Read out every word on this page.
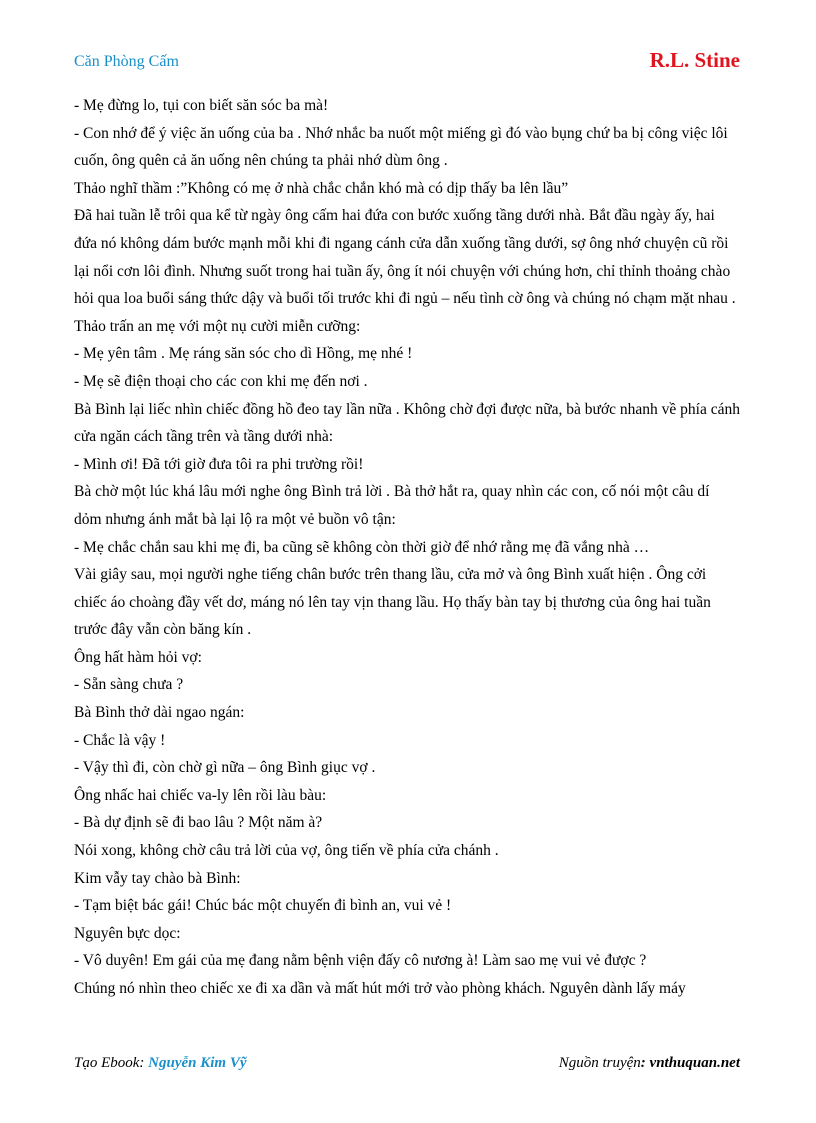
Căn Phòng Cấm	R.L. Stine

- Mẹ đừng lo, tụi con biết săn sóc ba mà!

- Con nhớ để ý việc ăn uống của ba . Nhớ nhắc ba nuốt một miếng gì đó vào bụng chứ ba bị công việc lôi cuốn, ông quên cả ăn uống nên chúng ta phải nhớ dùm ông .

Thảo nghĩ thầm :”Không có mẹ ở nhà chắc chắn khó mà có dịp thấy ba lên lầu”

Đã hai tuần lễ trôi qua kể từ ngày ông cấm hai đứa con bước xuống tầng dưới nhà. Bắt đầu ngày ấy, hai đứa nó không dám bước mạnh mỗi khi đi ngang cánh cửa dẫn xuống tầng dưới, sợ ông nhớ chuyện cũ rồi lại nổi cơn lôi đình. Nhưng suốt trong hai tuần ấy, ông ít nói chuyện với chúng hơn, chỉ thỉnh thoảng chào hỏi qua loa buổi sáng thức dậy và buổi tối trước khi đi ngủ – nếu tình cờ ông và chúng nó chạm mặt nhau .

Thảo trấn an mẹ với một nụ cười miễn cưỡng:

- Mẹ yên tâm . Mẹ ráng săn sóc cho dì Hồng, mẹ nhé !

- Mẹ sẽ điện thoại cho các con khi mẹ đến nơi .

Bà Bình lại liếc nhìn chiếc đồng hồ đeo tay lần nữa . Không chờ đợi được nữa, bà bước nhanh về phía cánh cửa ngăn cách tầng trên và tầng dưới nhà:

- Mình ơi! Đã tới giờ đưa tôi ra phi trường rồi!

Bà chờ một lúc khá lâu mới nghe ông Bình trả lời . Bà thở hắt ra, quay nhìn các con, cố nói một câu dí dỏm nhưng ánh mắt bà lại lộ ra một vẻ buồn vô tận:

- Mẹ chắc chắn sau khi mẹ đi, ba cũng sẽ không còn thời giờ để nhớ rằng mẹ đã vắng nhà …

Vài giây sau, mọi người nghe tiếng chân bước trên thang lầu, cửa mở và ông Bình xuất hiện . Ông cởi chiếc áo choàng đầy vết dơ, máng nó lên tay vịn thang lầu. Họ thấy bàn tay bị thương của ông hai tuần trước đây vẫn còn băng kín .

Ông hất hàm hỏi vợ:

- Sẵn sàng chưa ?

Bà Bình thở dài ngao ngán:

- Chắc là vậy !

- Vậy thì đi, còn chờ gì nữa – ông Bình giục vợ .

Ông nhấc hai chiếc va-ly lên rồi làu bàu:

- Bà dự định sẽ đi bao lâu ? Một năm à?

Nói xong, không chờ câu trả lời của vợ, ông tiến về phía cửa chánh .

Kim vẫy tay chào bà Bình:

- Tạm biệt bác gái! Chúc bác một chuyến đi bình an, vui vẻ !

Nguyên bực dọc:

- Vô duyên! Em gái của mẹ đang nằm bệnh viện đấy cô nương à! Làm sao mẹ vui vẻ được ?

Chúng nó nhìn theo chiếc xe đi xa dần và mất hút mới trở vào phòng khách. Nguyên dành lấy máy

Tạo Ebook: Nguyễn Kim Vỹ	Nguồn truyện: vnthuquan.net
